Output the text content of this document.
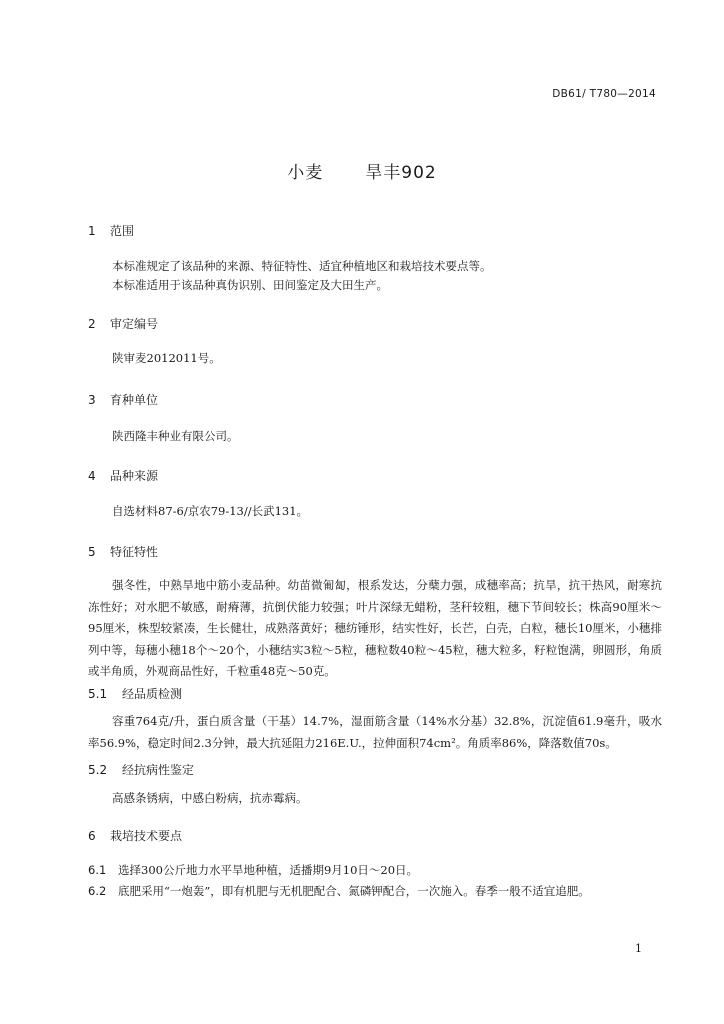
DB61/ T780—2014
小麦 旱丰902
1 范围
本标准规定了该品种的来源、特征特性、适宜种植地区和栽培技术要点等。
本标准适用于该品种真伪识别、田间鉴定及大田生产。
2 审定编号
陕审麦2012011号。
3 育种单位
陕西隆丰种业有限公司。
4 品种来源
自选材料87-6/京农79-13//长武131。
5 特征特性

强冬性，中熟旱地中筋小麦品种。幼苗微匍匐，根系发达，分蘖力强，成穗率高；抗旱，抗干热风，耐寒抗冻性好；对水肥不敏感，耐瘠薄，抗倒伏能力较强；叶片深绿无蜡粉，茎秆较粗，穗下节间较长；株高90厘米～95厘米，株型较紧凑，生长健壮，成熟落黄好；穗纺锤形，结实性好，长芒，白壳，白粒，穗长10厘米，小穗排列中等，每穗小穗18个～20个，小穗结实3粒～5粒，穗粒数40粒～45粒，穗大粒多，籽粒饱满，卵圆形，角质或半角质，外观商品性好，千粒重48克～50克。

5.1 经品质检测

容重764克/升，蛋白质含量（干基）14.7%，湿面筋含量（14%水分基）32.8%，沉淀值61.9毫升，吸水率56.9%，稳定时间2.3分钟，最大抗延阻力216E.U.，拉伸面积74cm²。角质率86%，降落数值70s。

5.2 经抗病性鉴定
高感条锈病，中感白粉病，抗赤霉病。
6 栽培技术要点
6.1 选择300公斤地力水平旱地种植，适播期9月10日～20日。
6.2 底肥采用“一炮轰”，即有机肥与无机肥配合、氮磷钾配合，一次施入。春季一般不适宜追肥。
1
